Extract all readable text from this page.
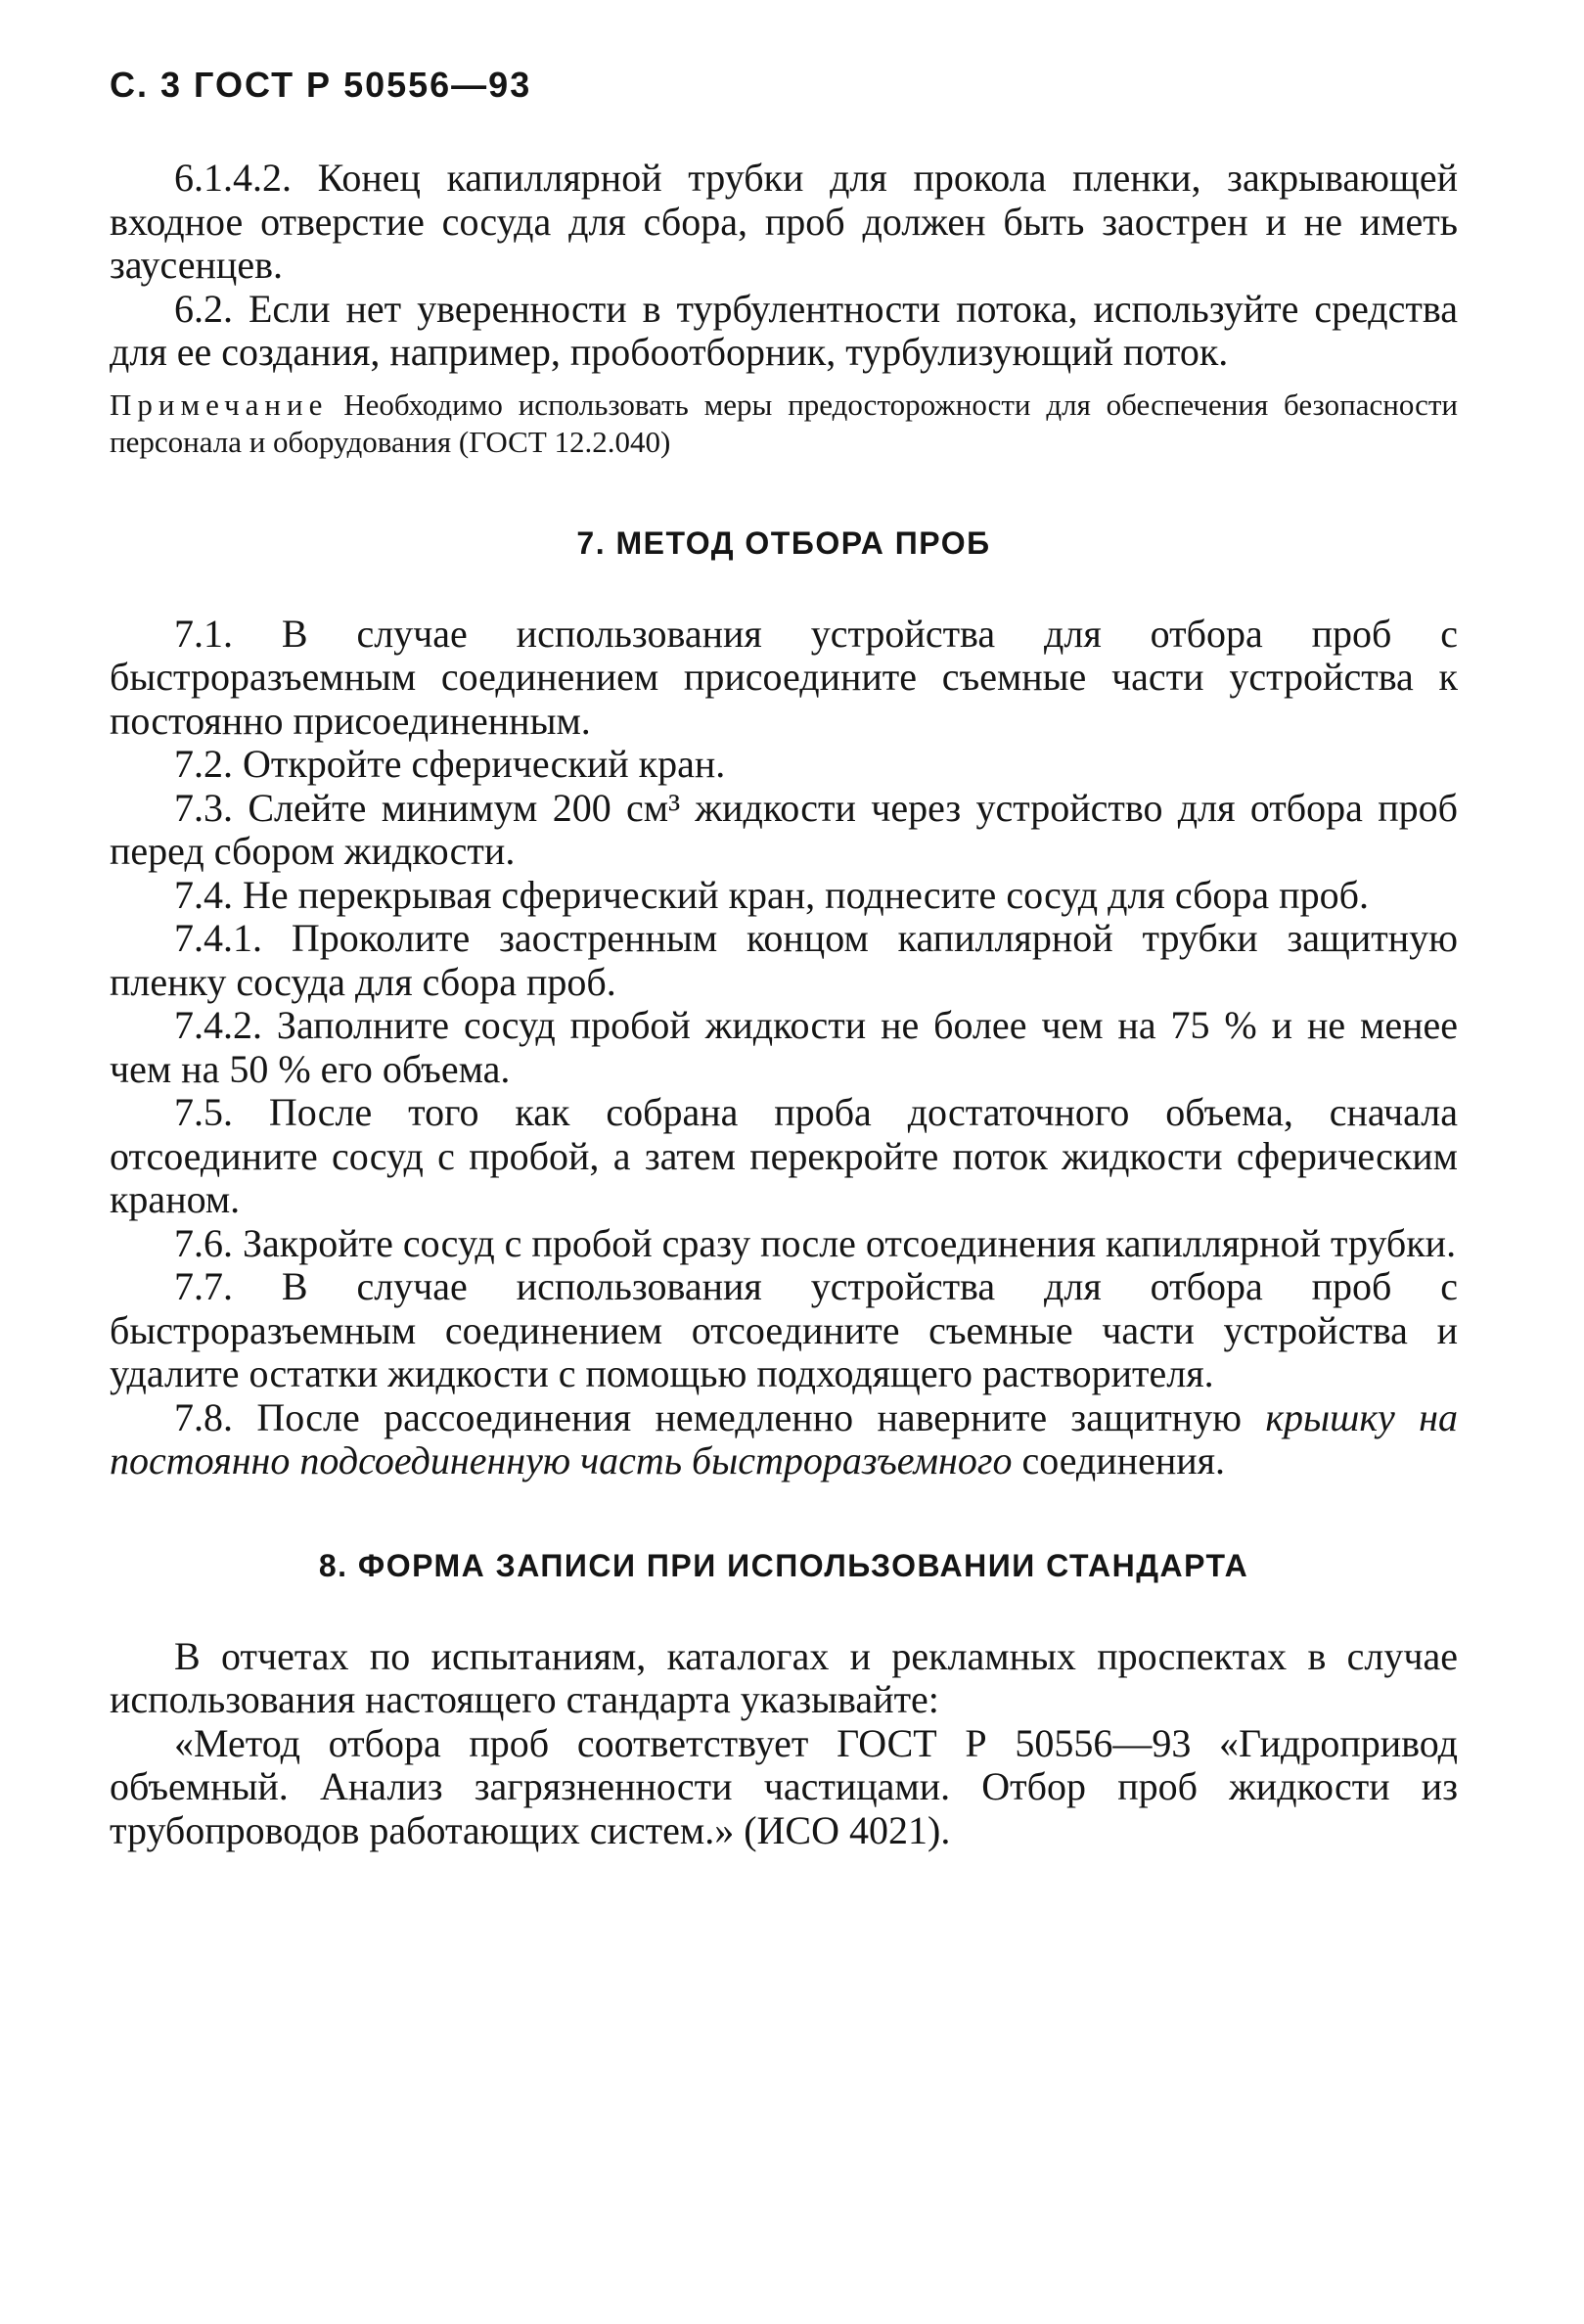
С. 3 ГОСТ Р 50556—93

6.1.4.2. Конец капиллярной трубки для прокола пленки, закрывающей входное отверстие сосуда для сбора, проб должен быть заострен и не иметь заусенцев.

6.2. Если нет уверенности в турбулентности потока, используйте средства для ее создания, например, пробоотборник, турбулизующий поток.

Примечание Необходимо использовать меры предосторожности для обеспечения безопасности персонала и оборудования (ГОСТ 12.2.040)

7. МЕТОД ОТБОРА ПРОБ

7.1. В случае использования устройства для отбора проб с быстроразъемным соединением присоедините съемные части устройства к постоянно присоединенным.

7.2. Откройте сферический кран.

7.3. Слейте минимум 200 см³ жидкости через устройство для отбора проб перед сбором жидкости.

7.4. Не перекрывая сферический кран, поднесите сосуд для сбора проб.

7.4.1. Проколите заостренным концом капиллярной трубки защитную пленку сосуда для сбора проб.

7.4.2. Заполните сосуд пробой жидкости не более чем на 75 % и не менее чем на 50 % его объема.

7.5. После того как собрана проба достаточного объема, сначала отсоедините сосуд с пробой, а затем перекройте поток жидкости сферическим краном.

7.6. Закройте сосуд с пробой сразу после отсоединения капиллярной трубки.

7.7. В случае использования устройства для отбора проб с быстроразъемным соединением отсоедините съемные части устройства и удалите остатки жидкости с помощью подходящего растворителя.

7.8. После рассоединения немедленно наверните защитную крышку на постоянно подсоединенную часть быстроразъемного соединения.

8. ФОРМА ЗАПИСИ ПРИ ИСПОЛЬЗОВАНИИ СТАНДАРТА

В отчетах по испытаниям, каталогах и рекламных проспектах в случае использования настоящего стандарта указывайте:

«Метод отбора проб соответствует ГОСТ Р 50556—93 «Гидропривод объемный. Анализ загрязненности частицами. Отбор проб жидкости из трубопроводов работающих систем.» (ИСО 4021).
